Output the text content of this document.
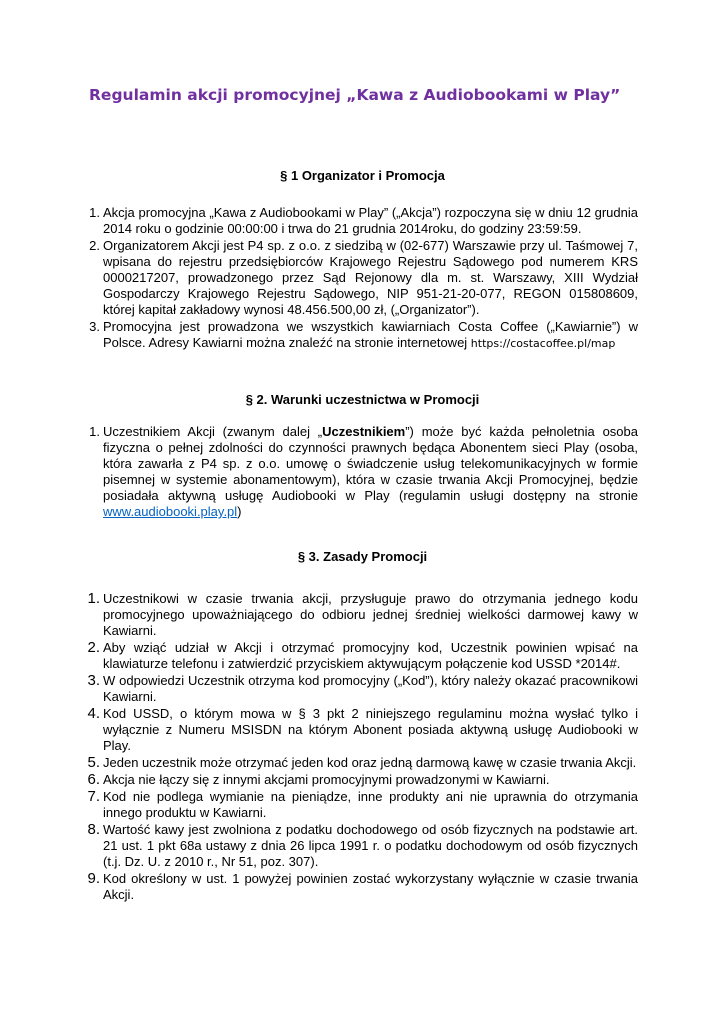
Regulamin akcji promocyjnej „Kawa z Audiobookami w Play”
§ 1 Organizator i Promocja
1. Akcja promocyjna „Kawa z Audiobookami w Play” („Akcja”) rozpoczyna się w dniu 12 grudnia 2014 roku o godzinie 00:00:00 i trwa do 21 grudnia 2014roku, do godziny 23:59:59.
2. Organizatorem Akcji jest P4 sp. z o.o. z siedzibą w (02-677) Warszawie przy ul. Taśmowej 7, wpisana do rejestru przedsiębiorców Krajowego Rejestru Sądowego pod numerem KRS 0000217207, prowadzonego przez Sąd Rejonowy dla m. st. Warszawy, XIII Wydział Gospodarczy Krajowego Rejestru Sądowego, NIP 951-21-20-077, REGON 015808609, której kapitał zakładowy wynosi 48.456.500,00 zł, („Organizator”).
3. Promocyjna jest prowadzona we wszystkich kawiarniach Costa Coffee („Kawiarnie”) w Polsce. Adresy Kawiarni można znaleźć na stronie internetowej https://costacoffee.pl/map
§ 2. Warunki uczestnictwa w Promocji
1. Uczestnikiem Akcji (zwanym dalej „Uczestnikiem”) może być każda pełnoletnia osoba fizyczna o pełnej zdolności do czynności prawnych będąca Abonentem sieci Play (osoba, która zawarła z P4 sp. z o.o. umowę o świadczenie usług telekomunikacyjnych w formie pisemnej w systemie abonamentowym), która w czasie trwania Akcji Promocyjnej, będzie posiadała aktywną usługę Audiobooki w Play (regulamin usługi dostępny na stronie www.audiobooki.play.pl)
§ 3. Zasady Promocji
1. Uczestnikowi w czasie trwania akcji, przysługuje prawo do otrzymania jednego kodu promocyjnego upoważniającego do odbioru jednej średniej wielkości darmowej kawy w Kawiarni.
2. Aby wziąć udział w Akcji i otrzymać promocyjny kod, Uczestnik powinien wpisać na klawiaturze telefonu i zatwierdzić przyciskiem aktywującym połączenie kod USSD *2014#.
3. W odpowiedzi Uczestnik otrzyma kod promocyjny („Kod”), który należy okazać pracownikowi Kawiarni.
4. Kod USSD, o którym mowa w § 3 pkt 2 niniejszego regulaminu można wysłać tylko i wyłącznie z Numeru MSISDN na którym Abonent posiada aktywną usługę Audiobooki w Play.
5. Jeden uczestnik może otrzymać jeden kod oraz jedną darmową kawę w czasie trwania Akcji.
6. Akcja nie łączy się z innymi akcjami promocyjnymi prowadzonymi w Kawiarni.
7. Kod nie podlega wymianie na pieniądze, inne produkty ani nie uprawnia do otrzymania innego produktu w Kawiarni.
8. Wartość kawy jest zwolniona z podatku dochodowego od osób fizycznych na podstawie art. 21 ust. 1 pkt 68a ustawy z dnia 26 lipca 1991 r. o podatku dochodowym od osób fizycznych (t.j. Dz. U. z 2010 r., Nr 51, poz. 307).
9. Kod określony w ust. 1 powyżej powinien zostać wykorzystany wyłącznie w czasie trwania Akcji.
